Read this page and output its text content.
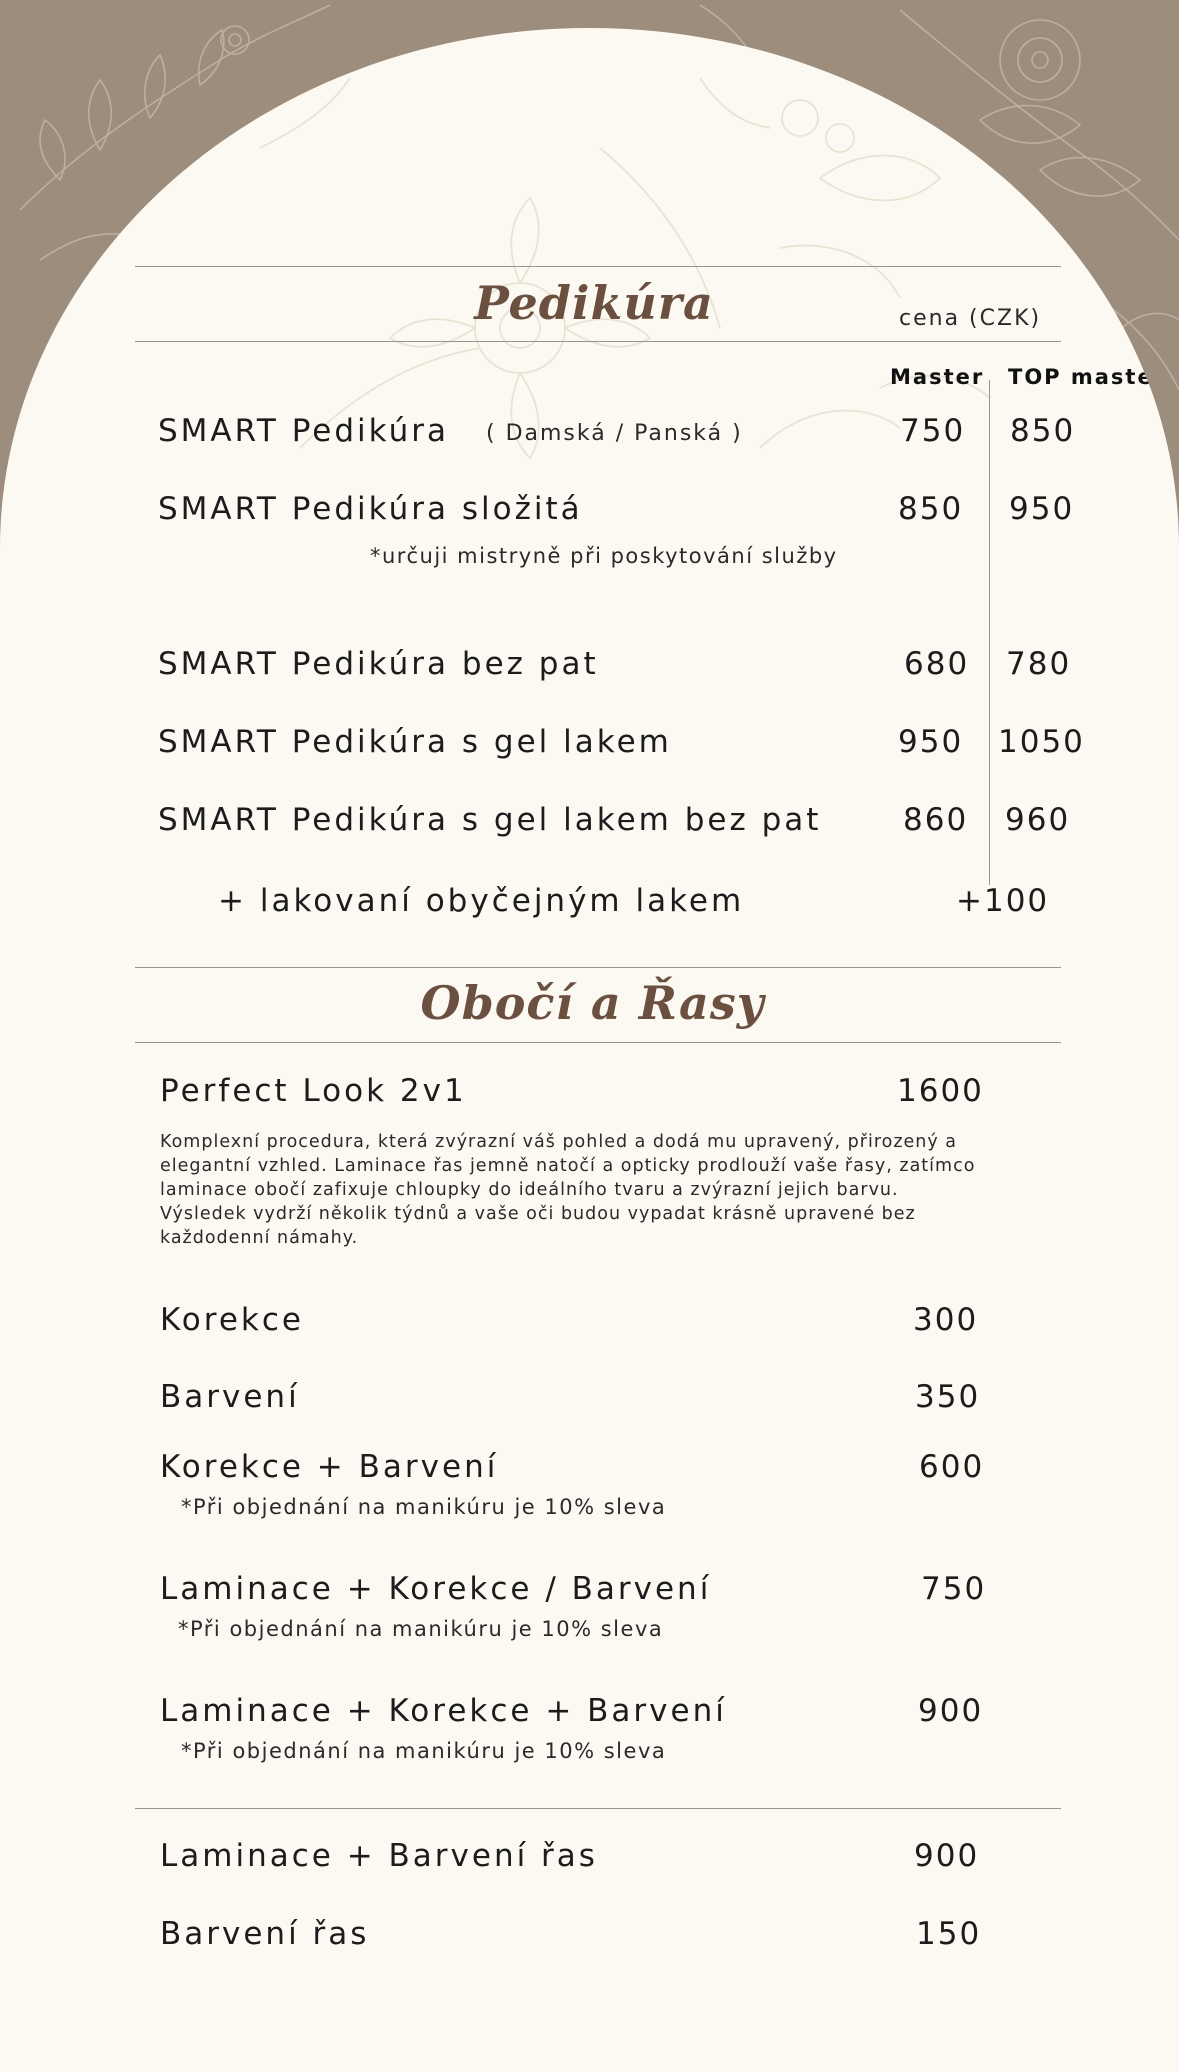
Pedikúra	cena (CZK)
Master TOP master
SMART Pedikúra ( Damská / Panská )	750 850
SMART Pedikúra složitá	850 950
*určuji mistryně při poskytování služby
SMART Pedikúra bez pat	680 780
SMART Pedikúra s gel lakem	950 1050
SMART Pedikúra s gel lakem bez pat	860 960
+ lakovaní obyčejným lakem	+100
Obočí a Řasy
Perfect Look 2v1	1600
Komplexní procedura, která zvýrazní váš pohled a dodá mu upravený, přirozený a elegantní vzhled. Laminace řas jemně natočí a opticky prodlouží vaše řasy, zatímco laminace obočí zafixuje chloupky do ideálního tvaru a zvýrazní jejich barvu. Výsledek vydrží několik týdnů a vaše oči budou vypadat krásně upravené bez každodenní námahy.
Korekce	300
Barvení	350
Korekce + Barvení	600
*Při objednání na manikúru je 10% sleva
Laminace + Korekce / Barvení	750
*Při objednání na manikúru je 10% sleva
Laminace + Korekce + Barvení	900
*Při objednání na manikúru je 10% sleva
Laminace + Barvení řas	900
Barvení řas	150
